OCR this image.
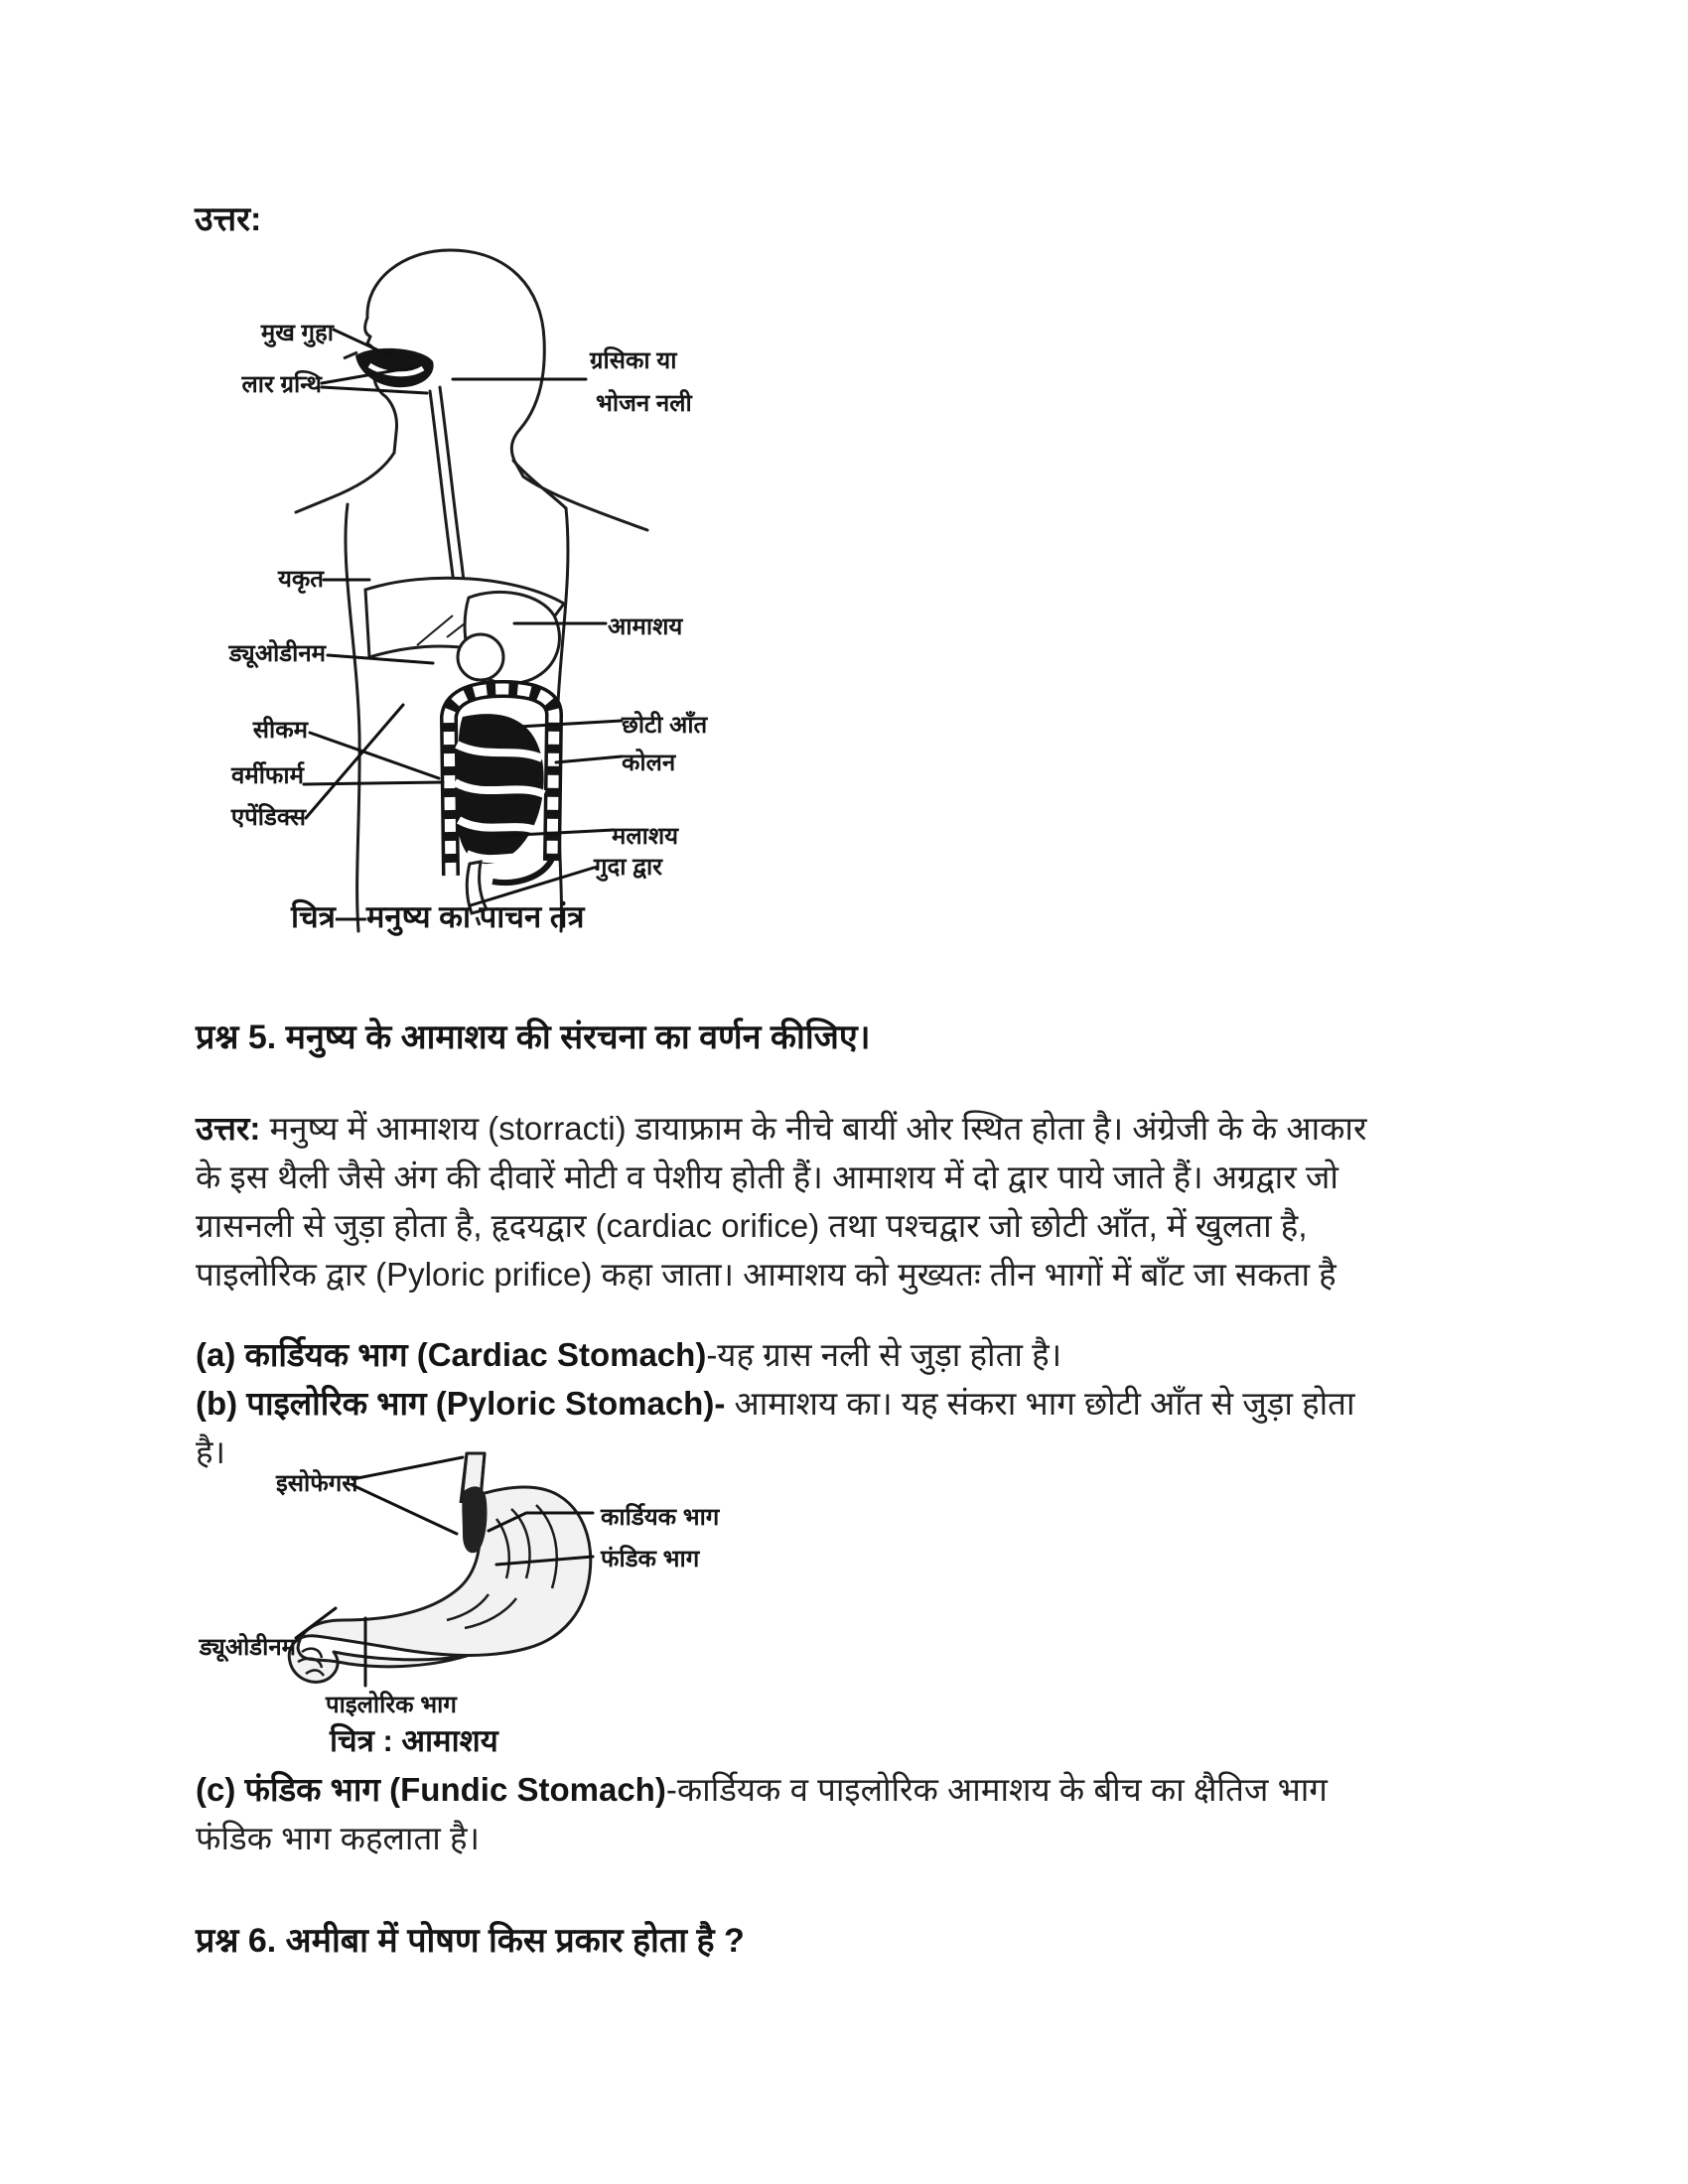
उत्तर:
मुख गुहा
लार ग्रन्थि
ग्रसिका या
भोजन नली
यकृत
ड्यूओडीनम
सीकम
वर्मीफार्म
एपेंडिक्स
आमाशय
छोटी आँत
कोलन
मलाशय
गुदा द्वार
चित्र—मनुष्य का पाचन तंत्र
प्रश्न 5. मनुष्य के आमाशय की संरचना का वर्णन कीजिए।
उत्तर: मनुष्य में आमाशय (storracti) डायाफ्राम के नीचे बायीं ओर स्थित होता है। अंग्रेजी के के आकार
के इस थैली जैसे अंग की दीवारें मोटी व पेशीय होती हैं। आमाशय में दो द्वार पाये जाते हैं। अग्रद्वार जो
ग्रासनली से जुड़ा होता है, हृदयद्वार (cardiac orifice) तथा पश्चद्वार जो छोटी आँत, में खुलता है,
पाइलोरिक द्वार (Pyloric prifice) कहा जाता। आमाशय को मुख्यतः तीन भागों में बाँट जा सकता है
(a) कार्डियक भाग (Cardiac Stomach)-यह ग्रास नली से जुड़ा होता है।
(b) पाइलोरिक भाग (Pyloric Stomach)- आमाशय का। यह संकरा भाग छोटी आँत से जुड़ा होता
है।
इसोफेगस
कार्डियक भाग
फंडिक भाग
ड्यूओडीनम
पाइलोरिक भाग
चित्र : आमाशय
(c) फंडिक भाग (Fundic Stomach)-कार्डियक व पाइलोरिक आमाशय के बीच का क्षैतिज भाग
फंडिक भाग कहलाता है।
प्रश्न 6. अमीबा में पोषण किस प्रकार होता है ?
